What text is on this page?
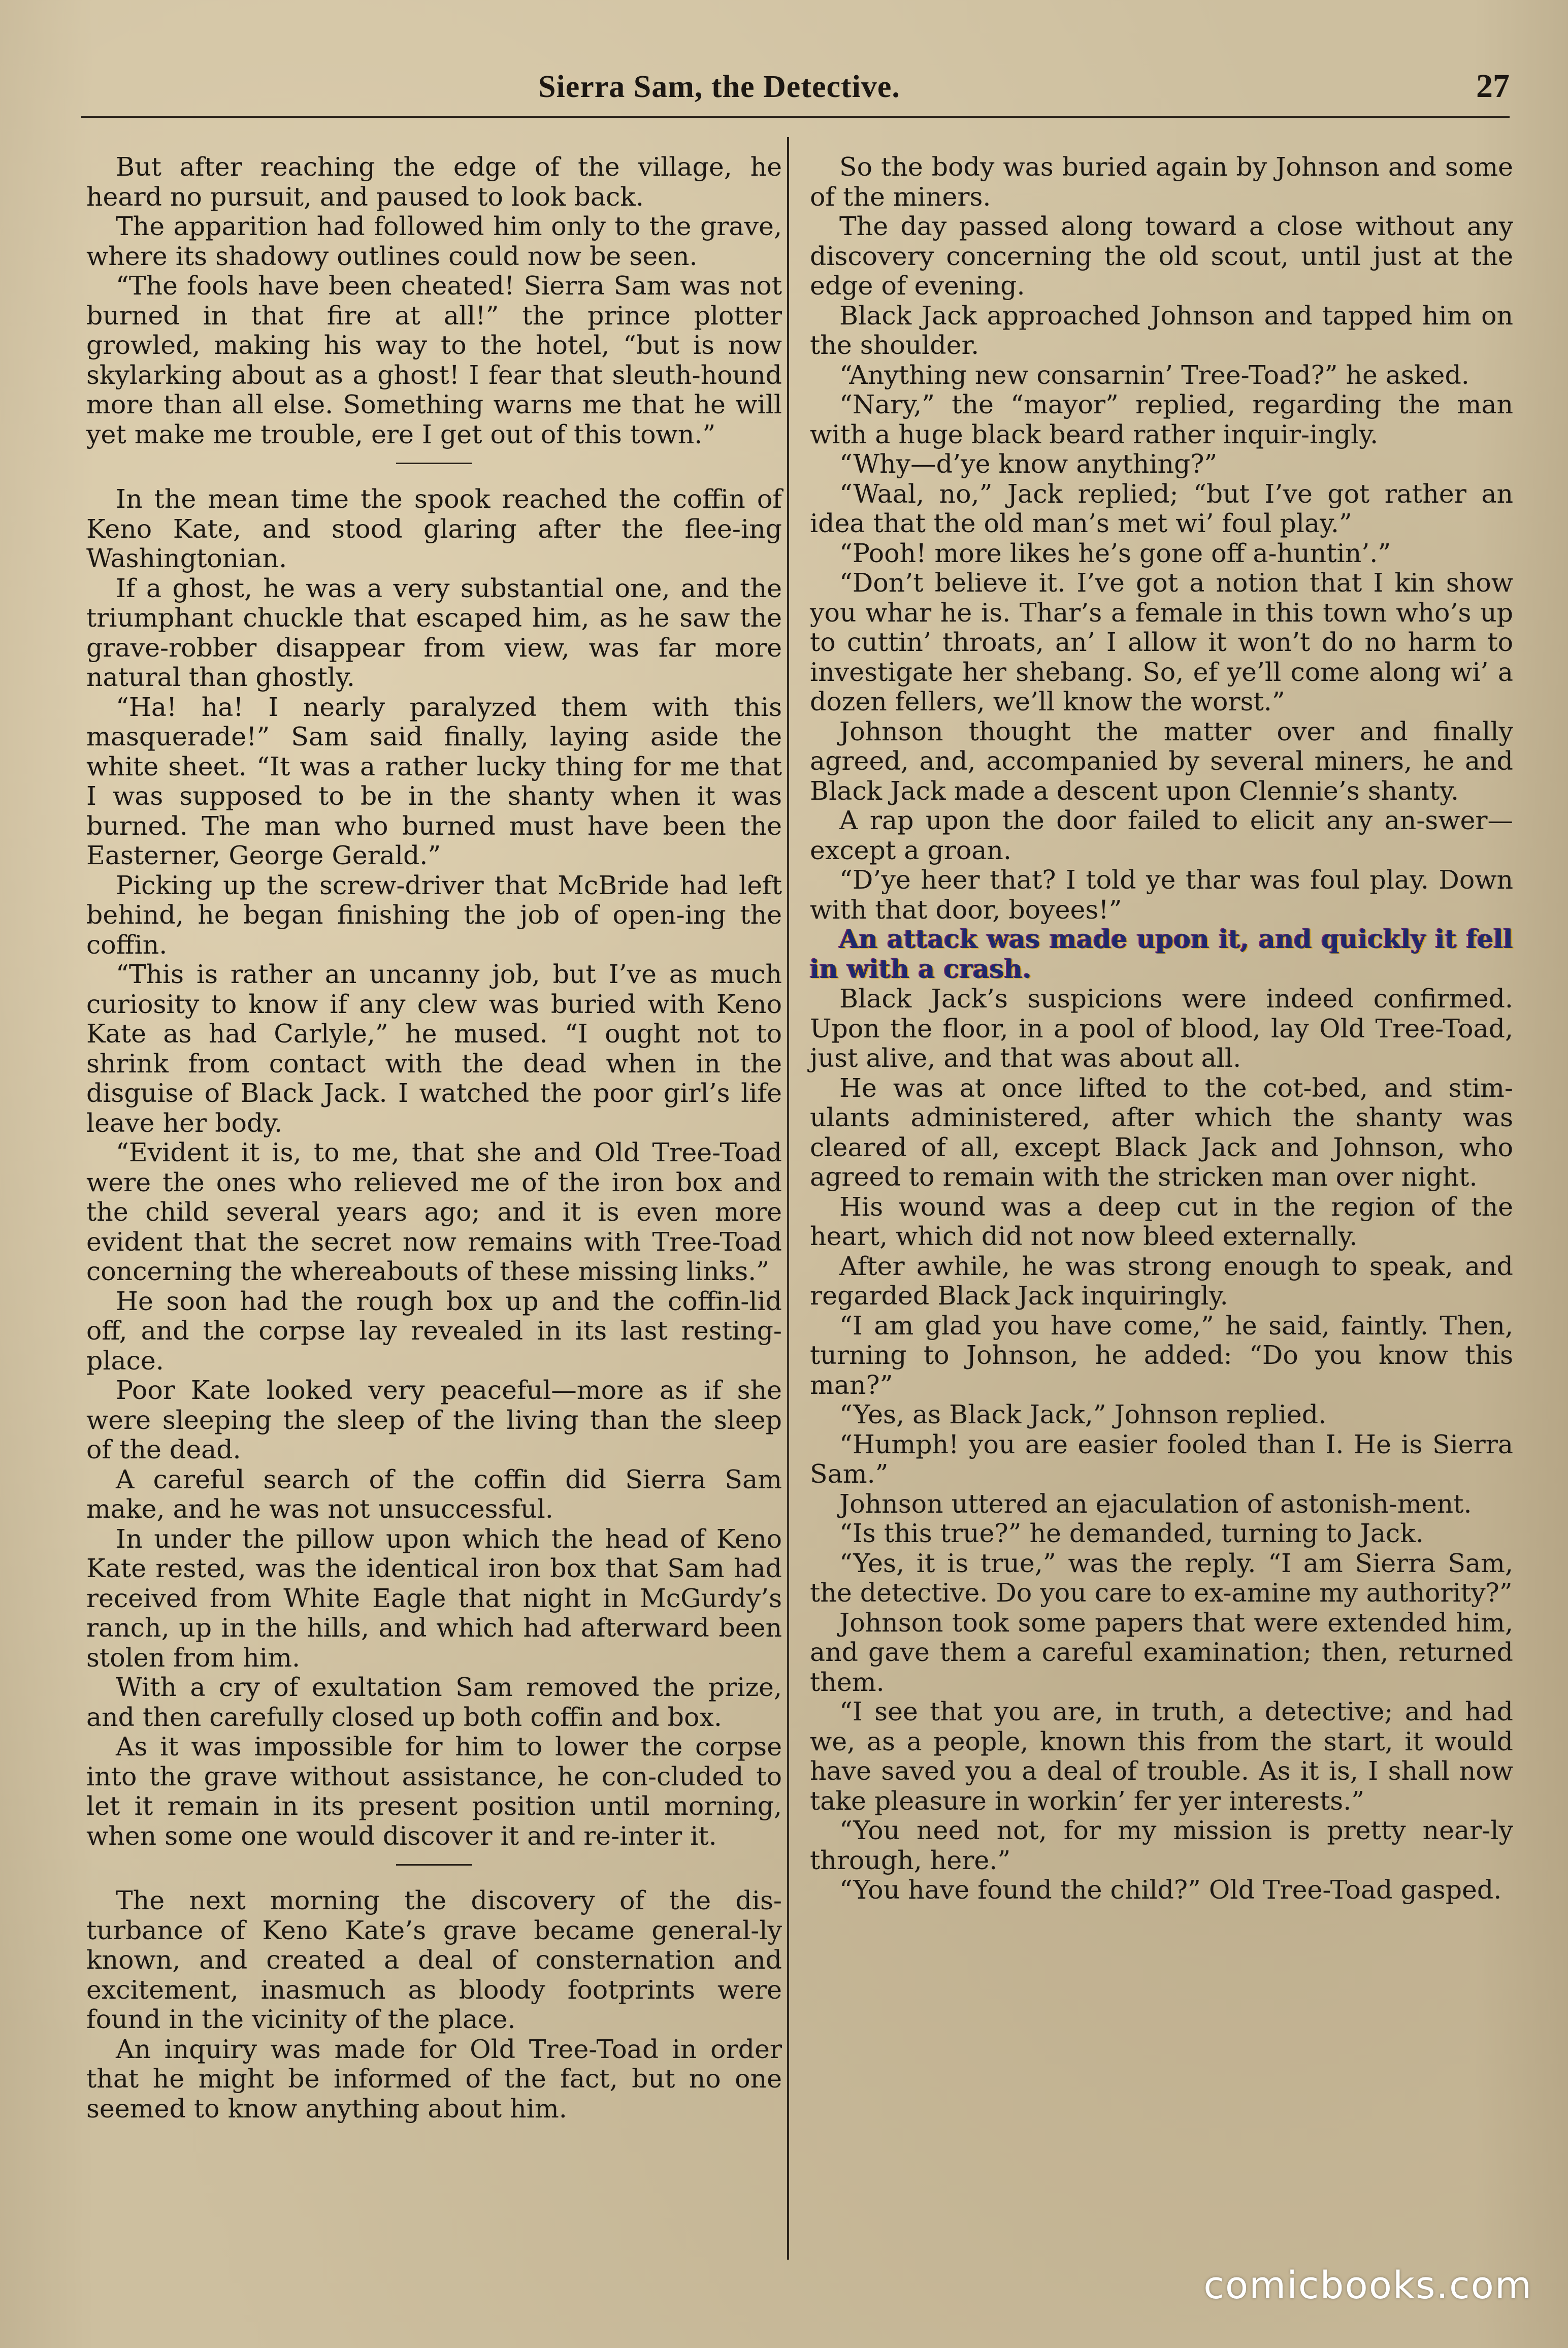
Sierra Sam, the Detective.	27

But after reaching the edge of the village, he heard no pursuit, and paused to look back.

The apparition had followed him only to the grave, where its shadowy outlines could now be seen.

“The fools have been cheated! Sierra Sam was not burned in that fire at all!” the prince plotter growled, making his way to the hotel, “but is now skylarking about as a ghost! I fear that sleuth-hound more than all else. Something warns me that he will yet make me trouble, ere I get out of this town.”

In the mean time the spook reached the coffin of Keno Kate, and stood glaring after the flee-ing Washingtonian.

If a ghost, he was a very substantial one, and the triumphant chuckle that escaped him, as he saw the grave-robber disappear from view, was far more natural than ghostly.

“Ha! ha! I nearly paralyzed them with this masquerade!” Sam said finally, laying aside the white sheet. “It was a rather lucky thing for me that I was supposed to be in the shanty when it was burned. The man who burned must have been the Easterner, George Gerald.”

Picking up the screw-driver that McBride had left behind, he began finishing the job of open-ing the coffin.

“This is rather an uncanny job, but I’ve as much curiosity to know if any clew was buried with Keno Kate as had Carlyle,” he mused. “I ought not to shrink from contact with the dead when in the disguise of Black Jack. I watched the poor girl’s life leave her body.

“Evident it is, to me, that she and Old Tree-Toad were the ones who relieved me of the iron box and the child several years ago; and it is even more evident that the secret now remains with Tree-Toad concerning the whereabouts of these missing links.”

He soon had the rough box up and the coffin-lid off, and the corpse lay revealed in its last resting-place.

Poor Kate looked very peaceful—more as if she were sleeping the sleep of the living than the sleep of the dead.

A careful search of the coffin did Sierra Sam make, and he was not unsuccessful.

In under the pillow upon which the head of Keno Kate rested, was the identical iron box that Sam had received from White Eagle that night in McGurdy’s ranch, up in the hills, and which had afterward been stolen from him.

With a cry of exultation Sam removed the prize, and then carefully closed up both coffin and box.

As it was impossible for him to lower the corpse into the grave without assistance, he con-cluded to let it remain in its present position until morning, when some one would discover it and re-inter it.

The next morning the discovery of the dis-turbance of Keno Kate’s grave became general-ly known, and created a deal of consternation and excitement, inasmuch as bloody footprints were found in the vicinity of the place.

An inquiry was made for Old Tree-Toad in order that he might be informed of the fact, but no one seemed to know anything about him.

So the body was buried again by Johnson and some of the miners.

The day passed along toward a close without any discovery concerning the old scout, until just at the edge of evening.

Black Jack approached Johnson and tapped him on the shoulder.

“Anything new consarnin’ Tree-Toad?” he asked.

“Nary,” the “mayor” replied, regarding the man with a huge black beard rather inquir-ingly.

“Why—d’ye know anything?”

“Waal, no,” Jack replied; “but I’ve got rather an idea that the old man’s met wi’ foul play.”

“Pooh! more likes he’s gone off a-huntin’.”

“Don’t believe it. I’ve got a notion that I kin show you whar he is. Thar’s a female in this town who’s up to cuttin’ throats, an’ I allow it won’t do no harm to investigate her shebang. So, ef ye’ll come along wi’ a dozen fellers, we’ll know the worst.”

Johnson thought the matter over and finally agreed, and, accompanied by several miners, he and Black Jack made a descent upon Clennie’s shanty.

A rap upon the door failed to elicit any an-swer—except a groan.

“D’ye heer that? I told ye thar was foul play. Down with that door, boyees!”

An attack was made upon it, and quickly it fell in with a crash.

Black Jack’s suspicions were indeed confirmed. Upon the floor, in a pool of blood, lay Old Tree-Toad, just alive, and that was about all.

He was at once lifted to the cot-bed, and stim-ulants administered, after which the shanty was cleared of all, except Black Jack and Johnson, who agreed to remain with the stricken man over night.

His wound was a deep cut in the region of the heart, which did not now bleed externally.

After awhile, he was strong enough to speak, and regarded Black Jack inquiringly.

“I am glad you have come,” he said, faintly. Then, turning to Johnson, he added: “Do you know this man?”

“Yes, as Black Jack,” Johnson replied.

“Humph! you are easier fooled than I. He is Sierra Sam.”

Johnson uttered an ejaculation of astonish-ment.

“Is this true?” he demanded, turning to Jack.

“Yes, it is true,” was the reply. “I am Sierra Sam, the detective. Do you care to ex-amine my authority?”

Johnson took some papers that were extended him, and gave them a careful examination; then, returned them.

“I see that you are, in truth, a detective; and had we, as a people, known this from the start, it would have saved you a deal of trouble. As it is, I shall now take pleasure in workin’ fer yer interests.”

“You need not, for my mission is pretty near-ly through, here.”

“You have found the child?” Old Tree-Toad gasped.

comicbooks.com
